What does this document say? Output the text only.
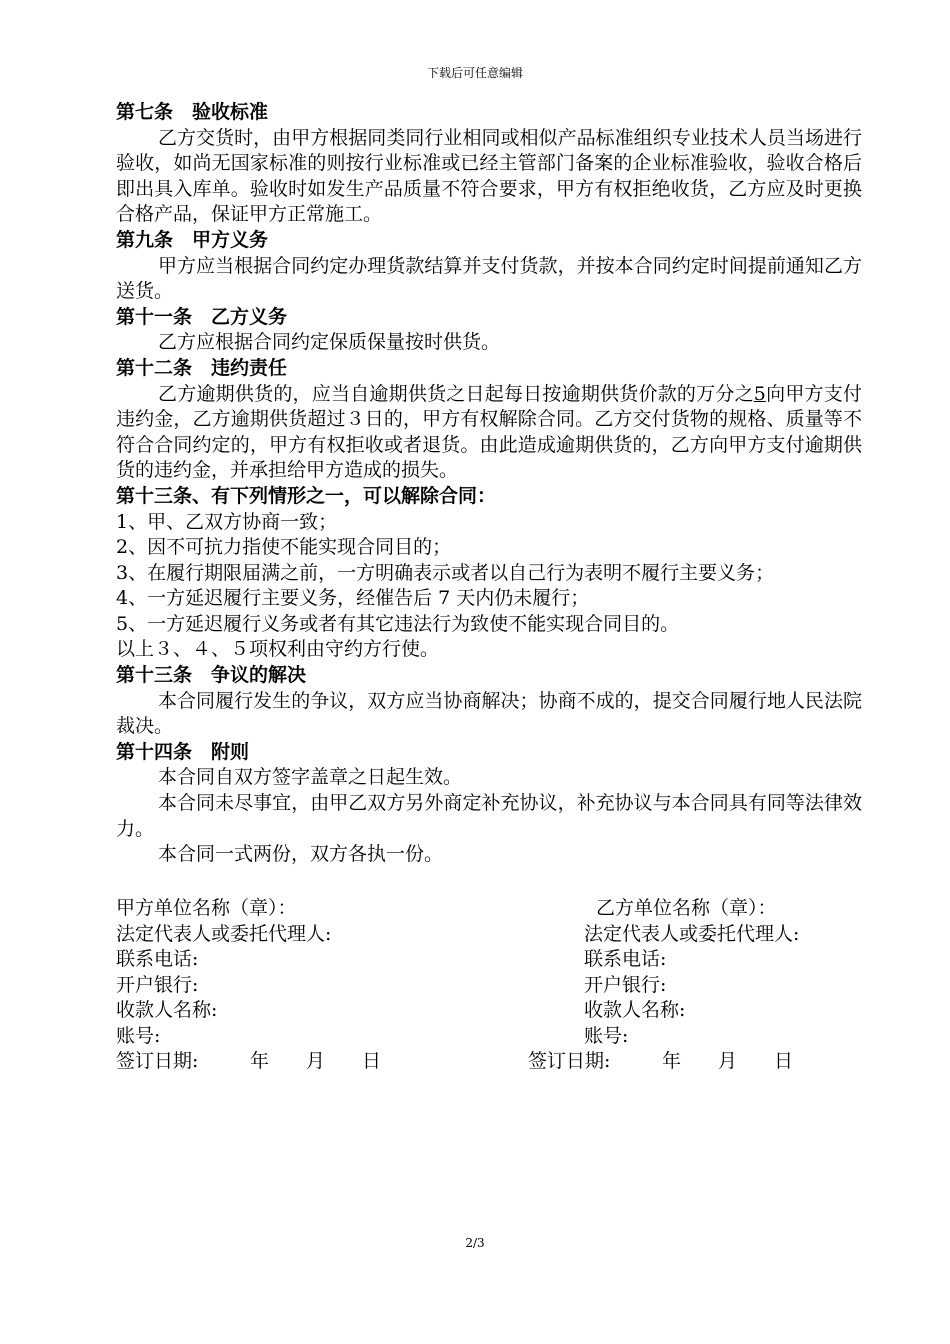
下载后可任意编辑

第七条　验收标准

乙方交货时，由甲方根据同类同行业相同或相似产品标准组织专业技术人员当场进行验收，如尚无国家标准的则按行业标准或已经主管部门备案的企业标准验收，验收合格后即出具入库单。验收时如发生产品质量不符合要求，甲方有权拒绝收货，乙方应及时更换合格产品，保证甲方正常施工。

第九条　甲方义务

甲方应当根据合同约定办理货款结算并支付货款，并按本合同约定时间提前通知乙方送货。

第十一条　乙方义务

乙方应根据合同约定保质保量按时供货。

第十二条　违约责任

乙方逾期供货的，应当自逾期供货之日起每日按逾期供货价款的万分之5向甲方支付违约金，乙方逾期供货超过３日的，甲方有权解除合同。乙方交付货物的规格、质量等不符合合同约定的，甲方有权拒收或者退货。由此造成逾期供货的，乙方向甲方支付逾期供货的违约金，并承担给甲方造成的损失。

第十三条、有下列情形之一，可以解除合同：

1、甲、乙双方协商一致；

2、因不可抗力指使不能实现合同目的；

3、在履行期限届满之前，一方明确表示或者以自己行为表明不履行主要义务；

4、一方延迟履行主要义务，经催告后 7 天内仍未履行；

5、一方延迟履行义务或者有其它违法行为致使不能实现合同目的。

以上３、４、５项权利由守约方行使。

第十三条　争议的解决

本合同履行发生的争议，双方应当协商解决；协商不成的，提交合同履行地人民法院裁决。

第十四条　附则

本合同自双方签字盖章之日起生效。

本合同未尽事宜，由甲乙双方另外商定补充协议，补充协议与本合同具有同等法律效力。

本合同一式两份，双方各执一份。

甲方单位名称（章）：	乙方单位名称（章）：
法定代表人或委托代理人:	法定代表人或委托代理人:
联系电话:	联系电话:
开户银行:	开户银行:
收款人名称:	收款人名称:
账号:	账号:
签订日期:	年 月 日	签订日期:	年 月 日
2/3
